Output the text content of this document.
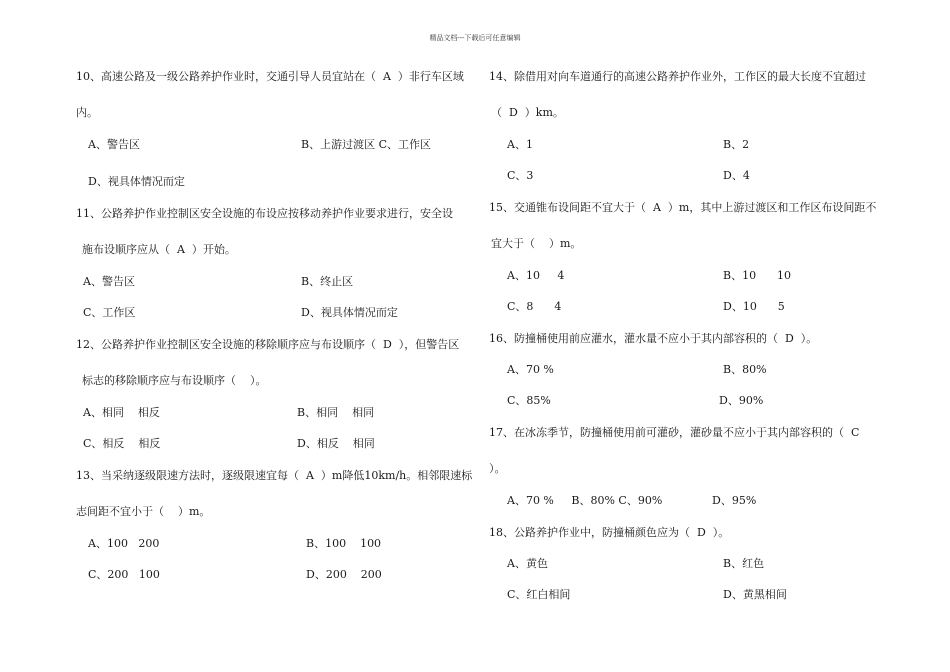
精品文档---下载后可任意编辑
10、高速公路及一级公路养护作业时，交通引导人员宜站在（  A  ）非行车区域
内。
A、警告区	B、上游过渡区 C、工作区
D、视具体情况而定
11、公路养护作业控制区安全设施的布设应按移动养护作业要求进行，安全设
施布设顺序应从（  A  ）开始。
A、警告区	B、终止区
C、工作区	D、视具体情况而定
12、公路养护作业控制区安全设施的移除顺序应与布设顺序（  D  ），但警告区
标志的移除顺序应与布设顺序（    ）。
A、相同    相反	B、相同    相同
C、相反    相反	D、相反    相同
13、当采纳逐级限速方法时，逐级限速宜每（  A  ）m降低10km/h。相邻限速标
志间距不宜小于（    ）m。
A、100   200	B、100    100
C、200   100	D、200    200
14、除借用对向车道通行的高速公路养护作业外，工作区的最大长度不宜超过
（  D  ）km。
A、1	B、2
C、3	D、4
15、交通锥布设间距不宜大于（  A  ）m，其中上游过渡区和工作区布设间距不
宜大于（    ）m。
A、10     4	B、10      10
C、8      4	D、10      5
16、防撞桶使用前应灌水，灌水量不应小于其内部容积的（  D  ）。
A、70 %	B、80%
C、85%	D、90%
17、在冰冻季节，防撞桶使用前可灌砂，灌砂量不应小于其内部容积的（  C
）。
A、70 %     B、80% C、90%	D、95%
18、公路养护作业中，防撞桶颜色应为（  D  ）。
A、黄色	B、红色
C、红白相间	D、黄黑相间
